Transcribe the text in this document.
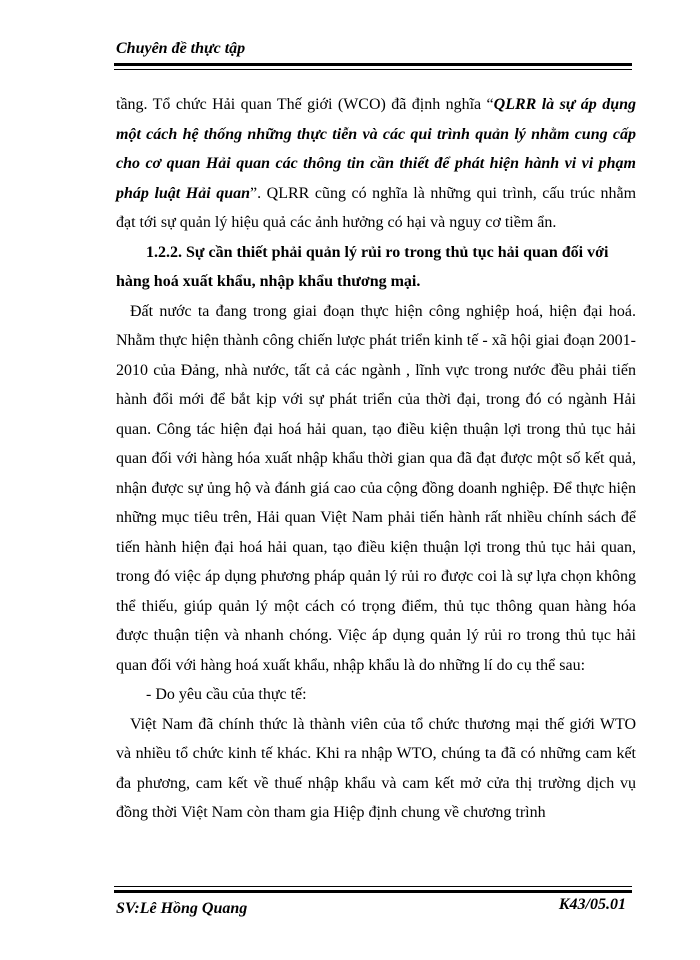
Chuyên đề thực tập

tầng. Tổ chức Hải quan Thế giới (WCO) đã định nghĩa “QLRR là sự áp dụng một cách hệ thống những thực tiễn và các qui trình quản lý nhằm cung cấp cho cơ quan Hải quan các thông tin cần thiết để phát hiện hành vi vi phạm pháp luật Hải quan”. QLRR cũng có nghĩa là những qui trình, cấu trúc nhằm đạt tới sự quản lý hiệu quả các ảnh hưởng có hại và nguy cơ tiềm ẩn.

1.2.2. Sự cần thiết phải quản lý rủi ro trong thủ tục hải quan đối với hàng hoá xuất khẩu, nhập khẩu thương mại.

Đất nước ta đang trong giai đoạn thực hiện công nghiệp hoá, hiện đại hoá. Nhằm thực hiện thành công chiến lược phát triển kinh tế - xã hội giai đoạn 2001-2010 của Đảng, nhà nước, tất cả các ngành , lĩnh vực trong nước đều phải tiến hành đổi mới để bắt kịp với sự phát triển của thời đại, trong đó có ngành Hải quan. Công tác hiện đại hoá hải quan, tạo điều kiện thuận lợi trong thủ tục hải quan đối với hàng hóa xuất nhập khẩu thời gian qua đã đạt được một số kết quả, nhận được sự ủng hộ và đánh giá cao của cộng đồng doanh nghiệp. Để thực hiện những mục tiêu trên, Hải quan Việt Nam phải tiến hành rất nhiều chính sách để tiến hành hiện đại hoá hải quan, tạo điều kiện thuận lợi trong thủ tục hải quan, trong đó việc áp dụng phương pháp quản lý rủi ro được coi là sự lựa chọn không thể thiếu, giúp quản lý một cách có trọng điểm, thủ tục thông quan hàng hóa được thuận tiện và nhanh chóng. Việc áp dụng quản lý rủi ro trong thủ tục hải quan đối với hàng hoá xuất khẩu, nhập khẩu là do những lí do cụ thể sau:

- Do yêu cầu của thực tế:

Việt Nam đã chính thức là thành viên của tổ chức thương mại thế giới WTO và nhiều tổ chức kinh tế khác. Khi ra nhập WTO, chúng ta đã có những cam kết đa phương, cam kết về thuế nhập khẩu và cam kết mở cửa thị trường dịch vụ đồng thời Việt Nam còn tham gia Hiệp định chung về chương trình

SV:Lê Hồng Quang	K43/05.01
